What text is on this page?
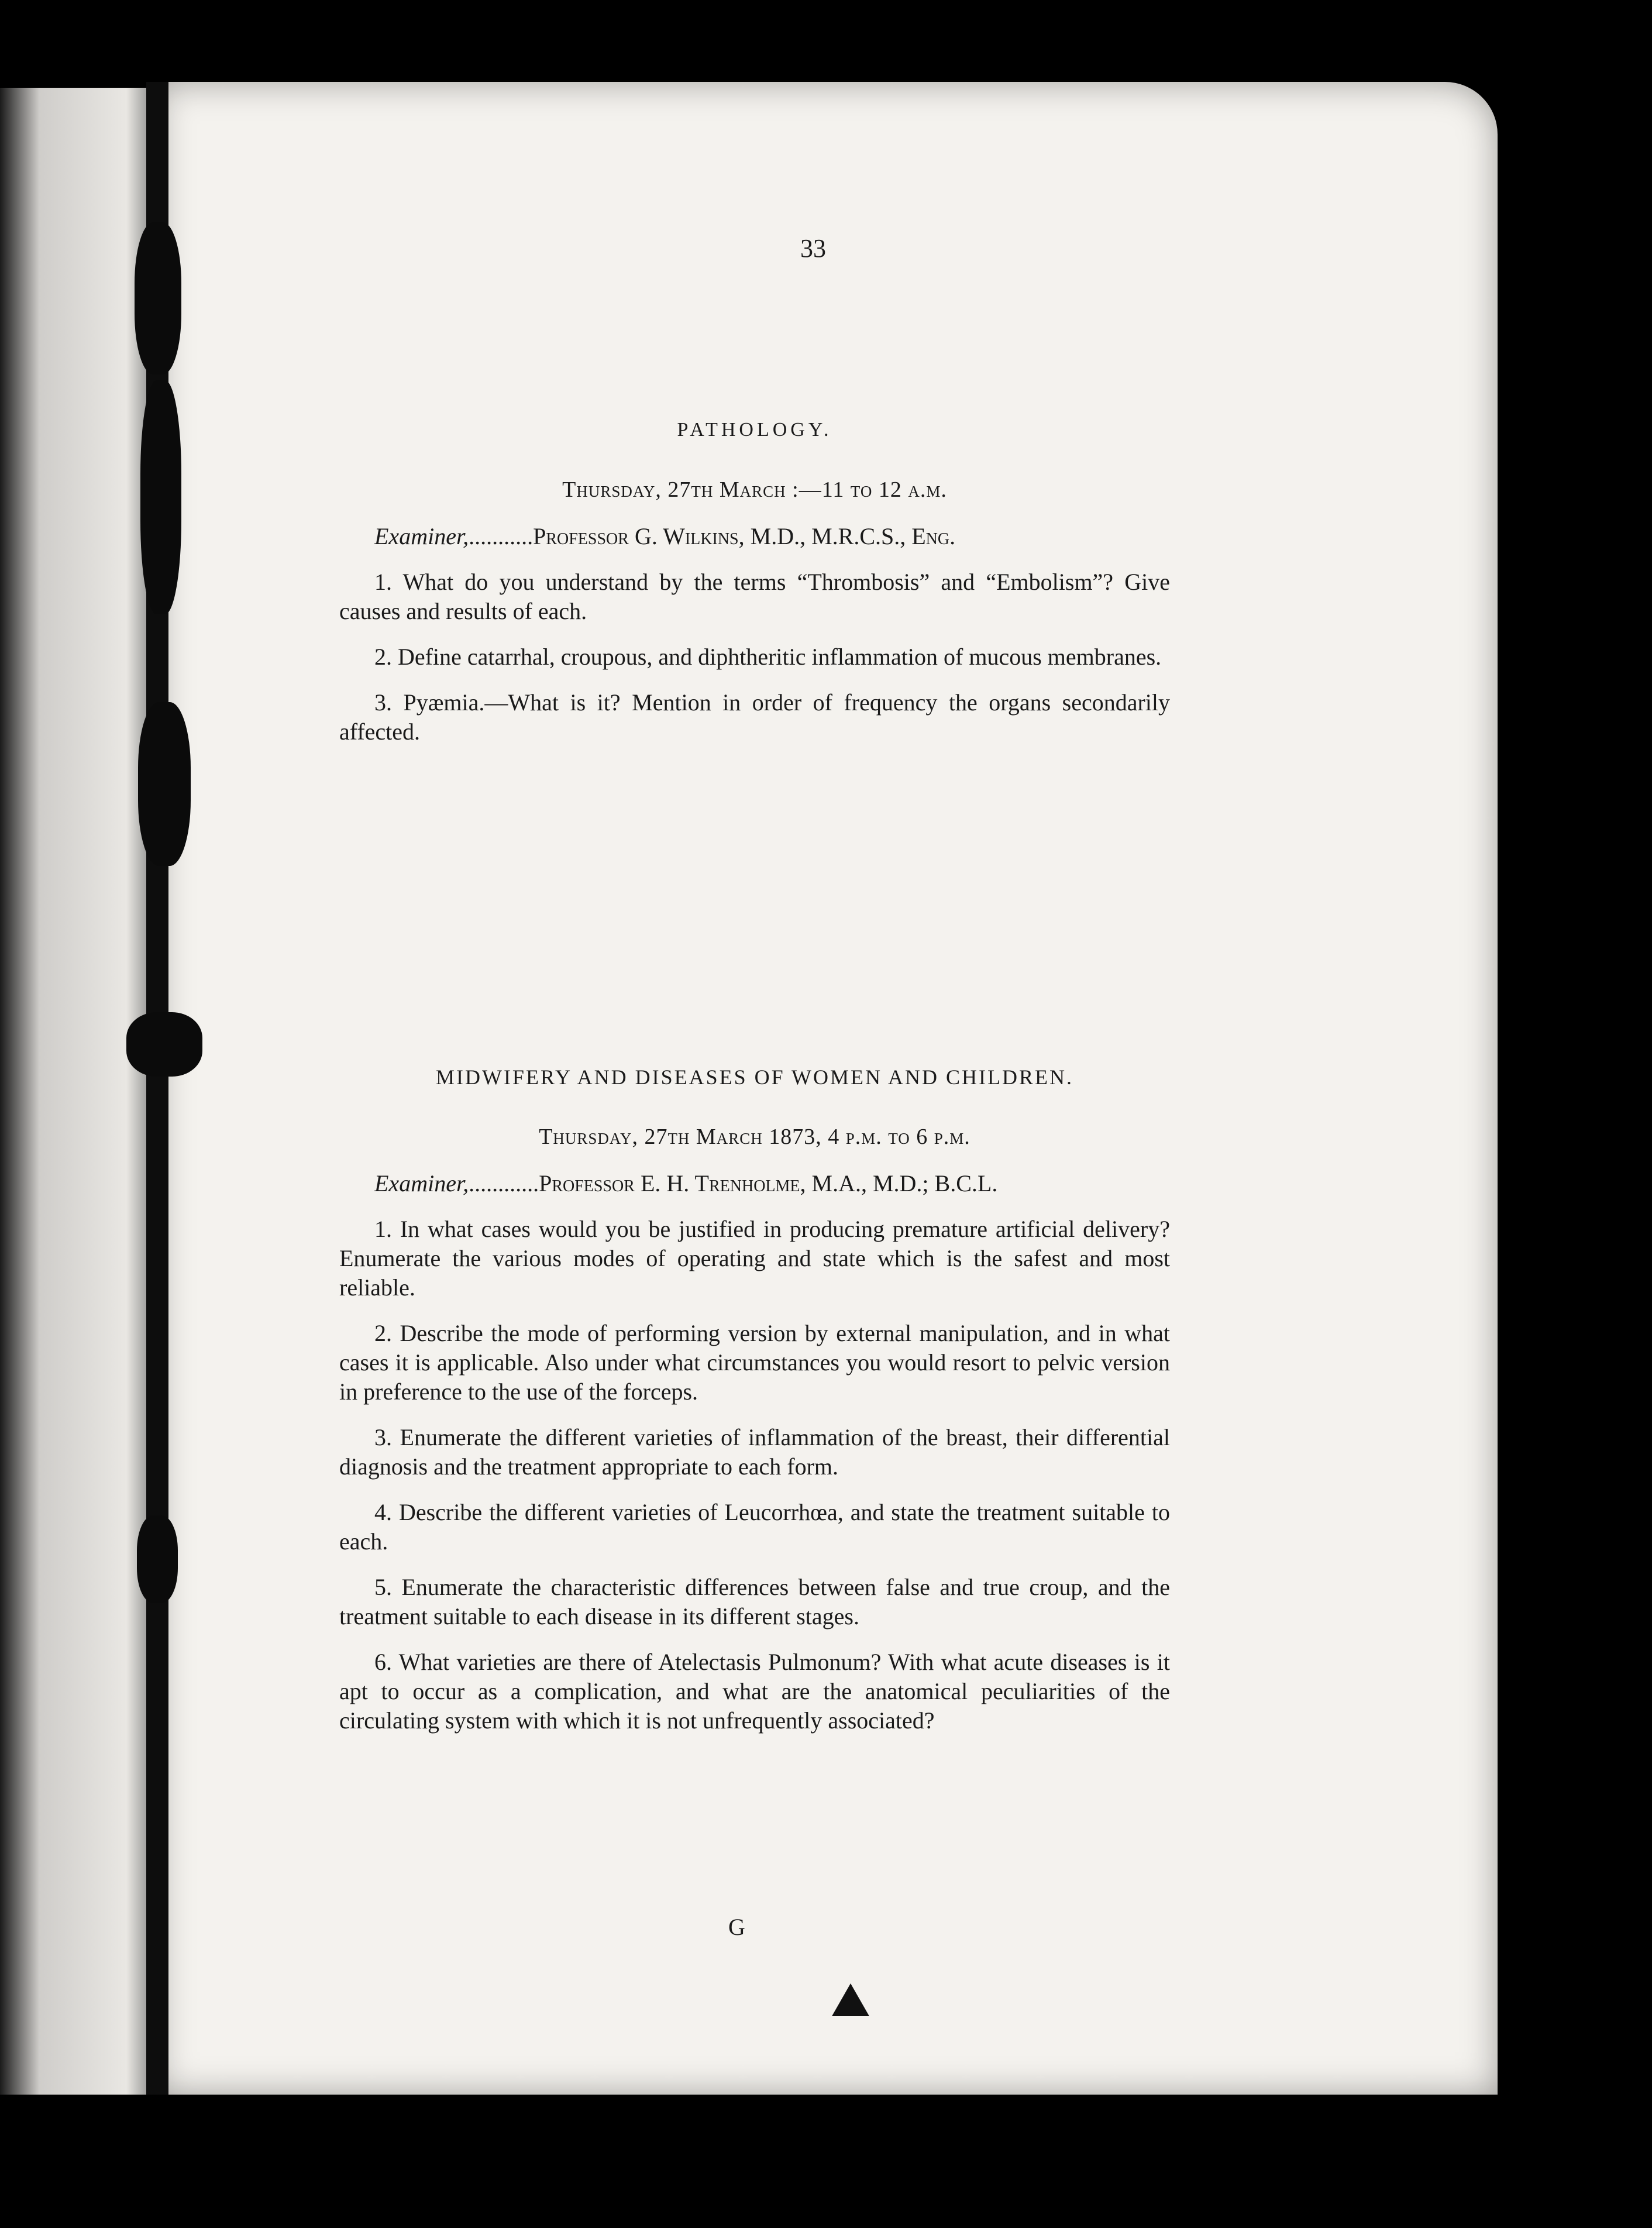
33
PATHOLOGY.
Thursday, 27th March :—11 to 12 a.m.
Examiner,...........Professor G. Wilkins, M.D., M.R.C.S., Eng.
1. What do you understand by the terms “Thrombosis” and “Embolism”? Give causes and results of each.
2. Define catarrhal, croupous, and diphtheritic inflammation of mucous membranes.
3. Pyæmia.—What is it? Mention in order of frequency the organs secondarily affected.
MIDWIFERY AND DISEASES OF WOMEN AND CHILDREN.
Thursday, 27th March 1873, 4 p.m. to 6 p.m.
Examiner,............Professor E. H. Trenholme, M.A., M.D.; B.C.L.
1. In what cases would you be justified in producing premature artificial delivery? Enumerate the various modes of operating and state which is the safest and most reliable.
2. Describe the mode of performing version by external manipulation, and in what cases it is applicable. Also under what circumstances you would resort to pelvic version in preference to the use of the forceps.
3. Enumerate the different varieties of inflammation of the breast, their differential diagnosis and the treatment appropriate to each form.
4. Describe the different varieties of Leucorrhœa, and state the treatment suitable to each.
5. Enumerate the characteristic differences between false and true croup, and the treatment suitable to each disease in its different stages.
6. What varieties are there of Atelectasis Pulmonum? With what acute diseases is it apt to occur as a complication, and what are the anatomical peculiarities of the circulating system with which it is not unfrequently associated?
G
